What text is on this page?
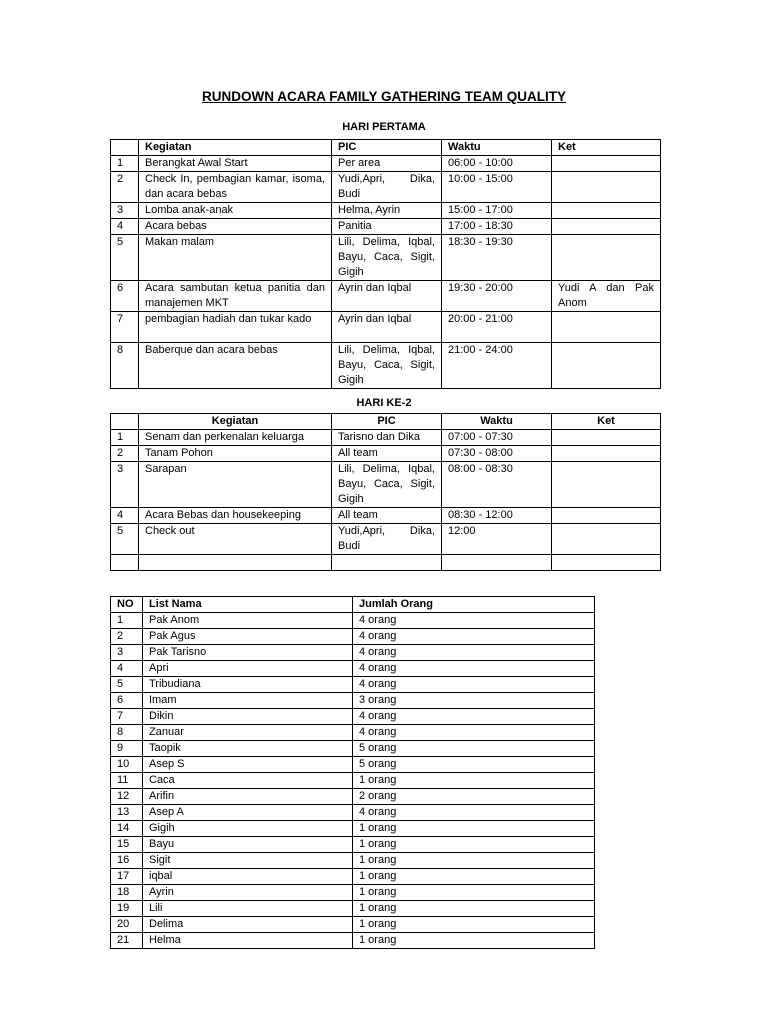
RUNDOWN ACARA FAMILY GATHERING TEAM QUALITY
HARI PERTAMA
	Kegiatan	PIC	Waktu	Ket
1	Berangkat Awal Start	Per area	06:00 - 10:00	
2	Check In, pembagian kamar, isoma, dan acara bebas	Yudi,Apri, Dika, Budi	10:00 - 15:00	
3	Lomba anak-anak	Helma, Ayrin	15:00 - 17:00	
4	Acara bebas	Panitia	17:00 - 18:30	
5	Makan malam	Lili, Delima, Iqbal, Bayu, Caca, Sigit, Gigih	18:30 - 19:30	
6	Acara sambutan ketua panitia dan manajemen MKT	Ayrin dan Iqbal	19:30 - 20:00	Yudi A dan Pak Anom
7	pembagian hadiah dan tukar kado	Ayrin dan Iqbal	20:00 - 21:00	
8	Baberque dan acara bebas	Lili, Delima, Iqbal, Bayu, Caca, Sigit, Gigih	21:00 - 24:00	
HARI KE-2
	Kegiatan	PIC	Waktu	Ket
1	Senam dan perkenalan keluarga	Tarisno dan Dika	07:00 - 07:30	
2	Tanam Pohon	All team	07:30 - 08:00	
3	Sarapan	Lili, Delima, Iqbal, Bayu, Caca, Sigit, Gigih	08:00 - 08:30	
4	Acara Bebas dan housekeeping	All team	08:30 - 12:00	
5	Check out	Yudi,Apri, Dika, Budi	12:00	

NO	List Nama	Jumlah Orang
1	Pak Anom	4 orang
2	Pak Agus	4 orang
3	Pak Tarisno	4 orang
4	Apri	4 orang
5	Tribudiana	4 orang
6	Imam	3 orang
7	Dikin	4 orang
8	Zanuar	4 orang
9	Taopik	5 orang
10	Asep S	5 orang
11	Caca	1 orang
12	Arifin	2 orang
13	Asep A	4 orang
14	Gigih	1 orang
15	Bayu	1 orang
16	Sigit	1 orang
17	iqbal	1 orang
18	Ayrin	1 orang
19	Lili	1 orang
20	Delima	1 orang
21	Helma	1 orang
